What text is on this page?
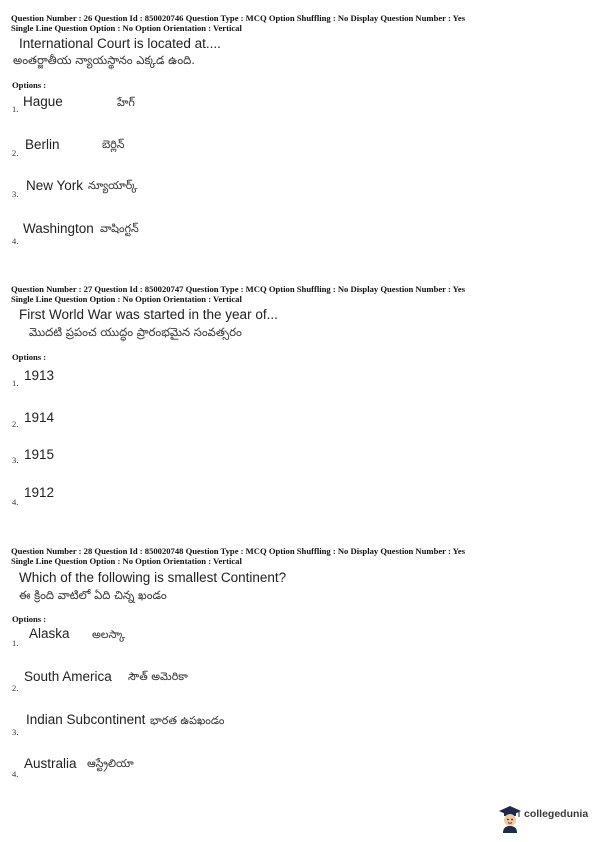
Question Number : 26 Question Id : 850020746 Question Type : MCQ Option Shuffling : No Display Question Number : Yes
Single Line Question Option : No Option Orientation : Vertical
International Court is located at....
అంతర్జాతీయ న్యాయస్థానం ఎక్కడ ఉంది.
Options :
1. Hague	హేగ్
2.
Berlin	బెర్లిన్
3.
New York న్యూయార్క్
4.
Washington వాషింగ్టన్
Question Number : 27 Question Id : 850020747 Question Type : MCQ Option Shuffling : No Display Question Number : Yes
Single Line Question Option : No Option Orientation : Vertical
First World War was started in the year of...
మొదటి ప్రపంచ యుద్ధం ప్రారంభమైన సంవత్సరం
Options :
1. 1913
2. 1914
3. 1915
4.
1912
Question Number : 28 Question Id : 850020748 Question Type : MCQ Option Shuffling : No Display Question Number : Yes
Single Line Question Option : No Option Orientation : Vertical
Which of the following is smallest Continent?
ఈ క్రింది వాటిలో ఏది చిన్న ఖండం
Options :
1.
Alaska అలస్కా
2.
South America సౌత్ అమెరికా
3.
Indian Subcontinent భారత ఉపఖండం
4.
Australia ఆస్ట్రేలియా
collegedunia
